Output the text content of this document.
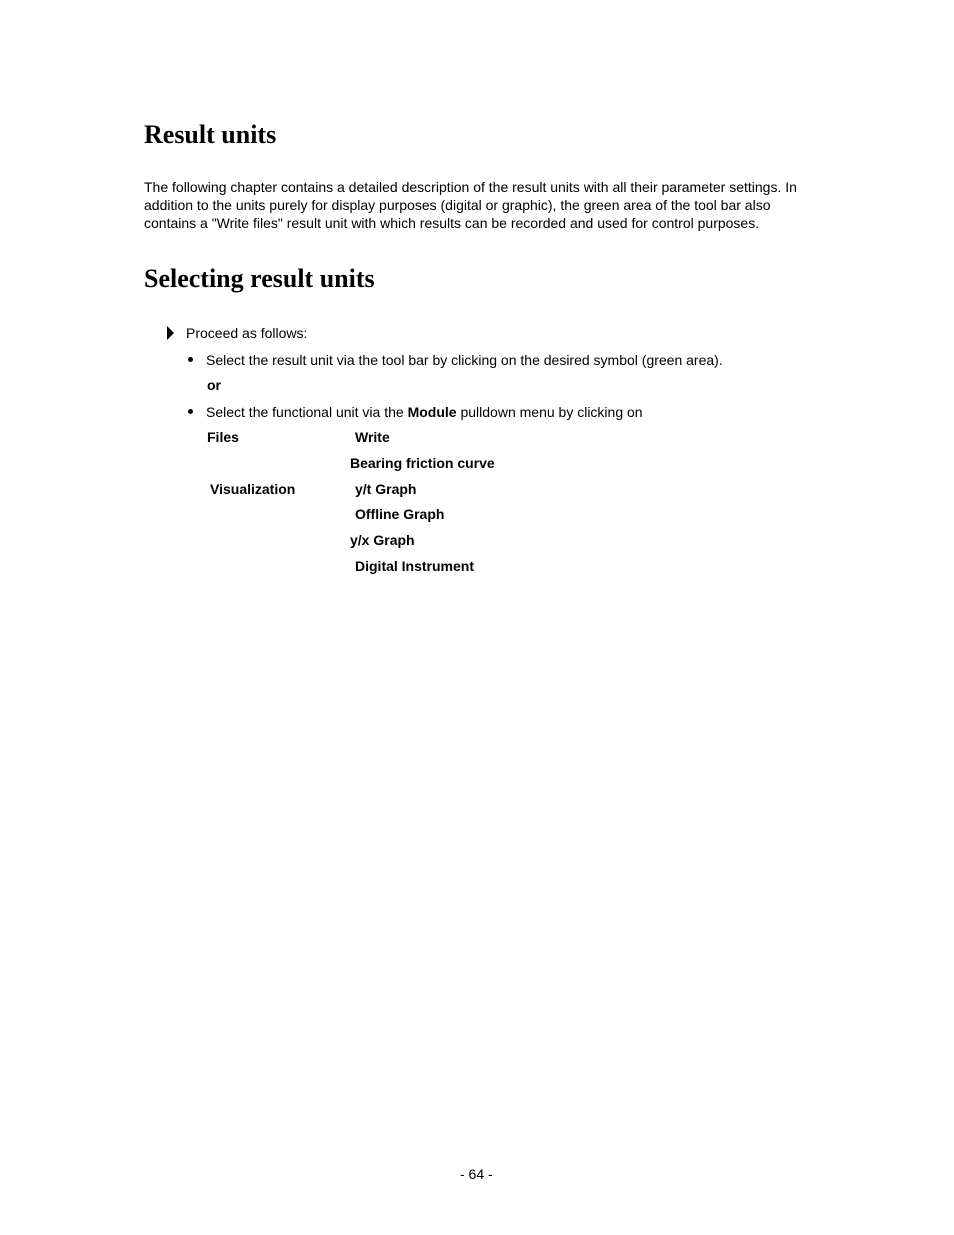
Result units
The following chapter contains a detailed description of the result units with all their parameter settings. In addition to the units purely for display purposes (digital or graphic), the green area of the tool bar also contains a "Write files" result unit with which results can be recorded and used for control purposes.
Selecting result units
Proceed as follows:
Select the result unit via the tool bar by clicking on the desired symbol (green area).
or
Select the functional unit via the Module pulldown menu by clicking on
Files	Write
Bearing friction curve
Visualization	y/t Graph
Offline Graph
y/x Graph
Digital Instrument
- 64 -
